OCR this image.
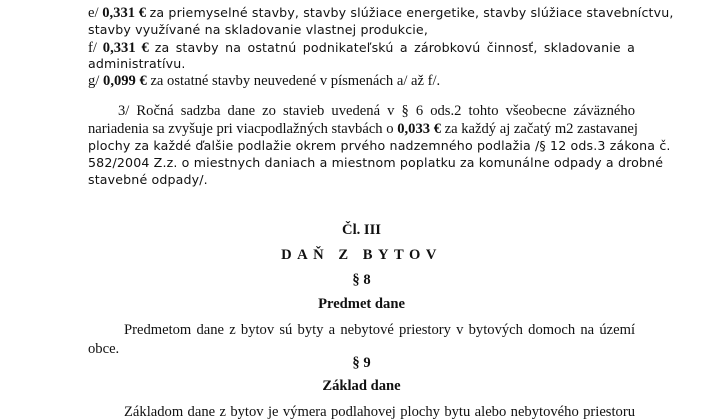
e/ 0,331 € za priemyselné stavby, stavby slúžiace energetike, stavby slúžiace stavebníctvu,
stavby využívané na skladovanie vlastnej produkcie,
f/ 0,331 € za stavby na ostatnú podnikateľskú a zárobkovú činnosť, skladovanie a
administratívu.
g/ 0,099 € za ostatné stavby neuvedené v písmenách a/ až f/.
3/ Ročná sadzba dane zo stavieb uvedená v § 6 ods.2 tohto všeobecne záväzného
nariadenia sa zvyšuje pri viacpodlažných stavbách o 0,033 € za každý aj začatý m2 zastavanej
plochy za každé ďalšie podlažie okrem prvého nadzemného podlažia /§ 12 ods.3 zákona č.
582/2004 Z.z. o miestnych daniach a miestnom poplatku za komunálne odpady a drobné
stavebné odpady/.
Čl. III
DAŇ Z BYTOV
§ 8
Predmet dane
Predmetom dane z bytov sú byty a nebytové priestory v bytových domoch na území
obce.
§ 9
Základ dane
Základom dane z bytov je výmera podlahovej plochy bytu alebo nebytového priestoru
